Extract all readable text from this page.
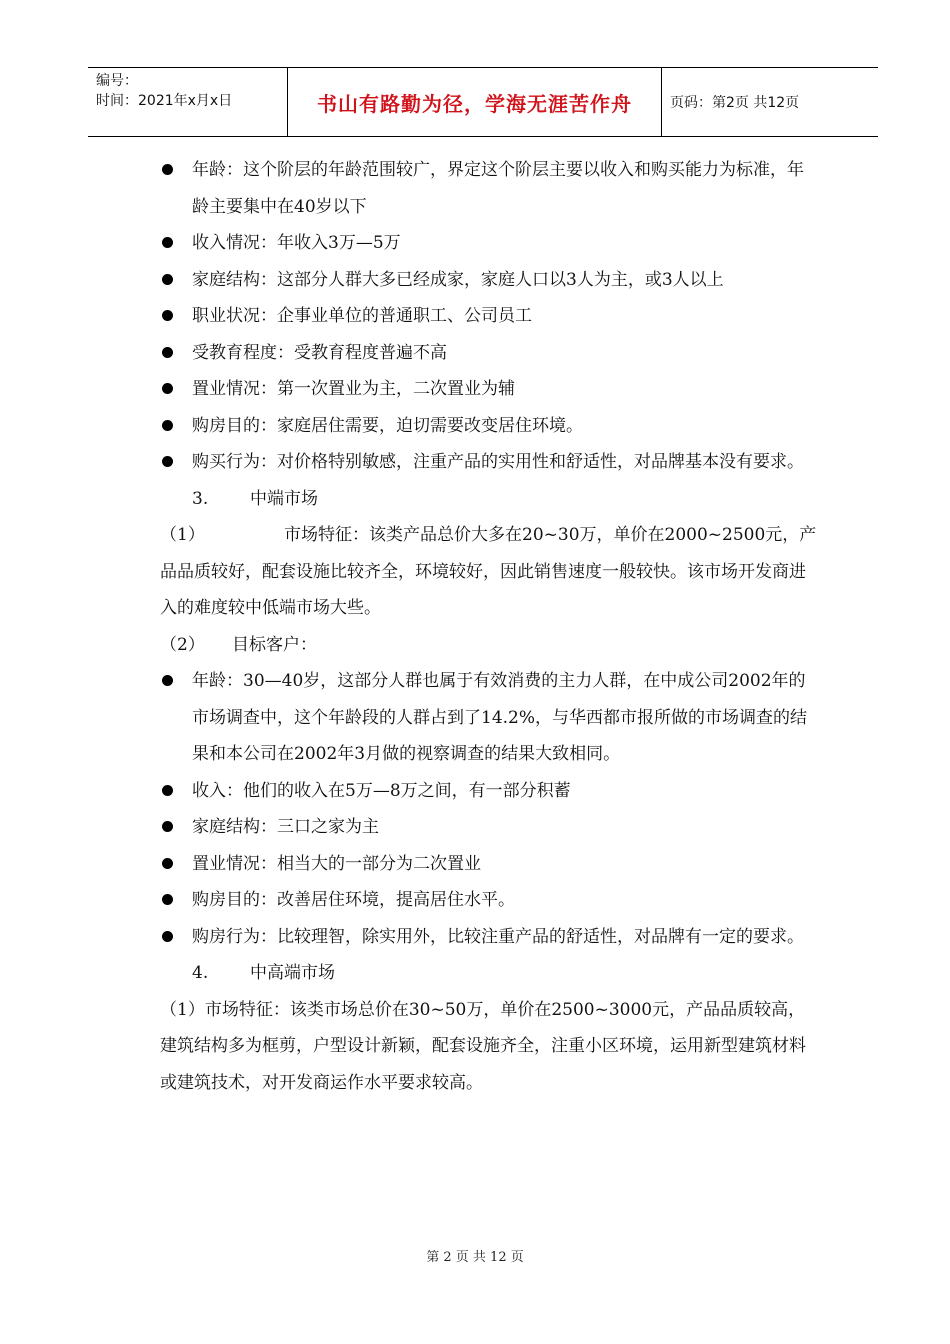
编号：
时间：2021年x月x日	书山有路勤为径，学海无涯苦作舟	页码：第2页 共12页
年龄：这个阶层的年龄范围较广，界定这个阶层主要以收入和购买能力为标准，年龄主要集中在40岁以下
收入情况：年收入3万—5万
家庭结构：这部分人群大多已经成家，家庭人口以3人为主，或3人以上
职业状况：企事业单位的普通职工、公司员工
受教育程度：受教育程度普遍不高
置业情况：第一次置业为主，二次置业为辅
购房目的：家庭居住需要，迫切需要改变居住环境。
购买行为：对价格特别敏感，注重产品的实用性和舒适性，对品牌基本没有要求。
3. 中端市场
（1）	市场特征：该类产品总价大多在20~30万，单价在2000~2500元，产品品质较好，配套设施比较齐全，环境较好，因此销售速度一般较快。该市场开发商进入的难度较中低端市场大些。
（2） 目标客户：
年龄：30—40岁，这部分人群也属于有效消费的主力人群，在中成公司2002年的市场调查中，这个年龄段的人群占到了14.2%，与华西都市报所做的市场调查的结果和本公司在2002年3月做的视察调查的结果大致相同。
收入：他们的收入在5万—8万之间，有一部分积蓄
家庭结构：三口之家为主
置业情况：相当大的一部分为二次置业
购房目的：改善居住环境，提高居住水平。
购房行为：比较理智，除实用外，比较注重产品的舒适性，对品牌有一定的要求。
4. 中高端市场
（1）市场特征：该类市场总价在30~50万，单价在2500~3000元，产品品质较高，建筑结构多为框剪，户型设计新颖，配套设施齐全，注重小区环境，运用新型建筑材料或建筑技术，对开发商运作水平要求较高。
第 2 页 共 12 页
